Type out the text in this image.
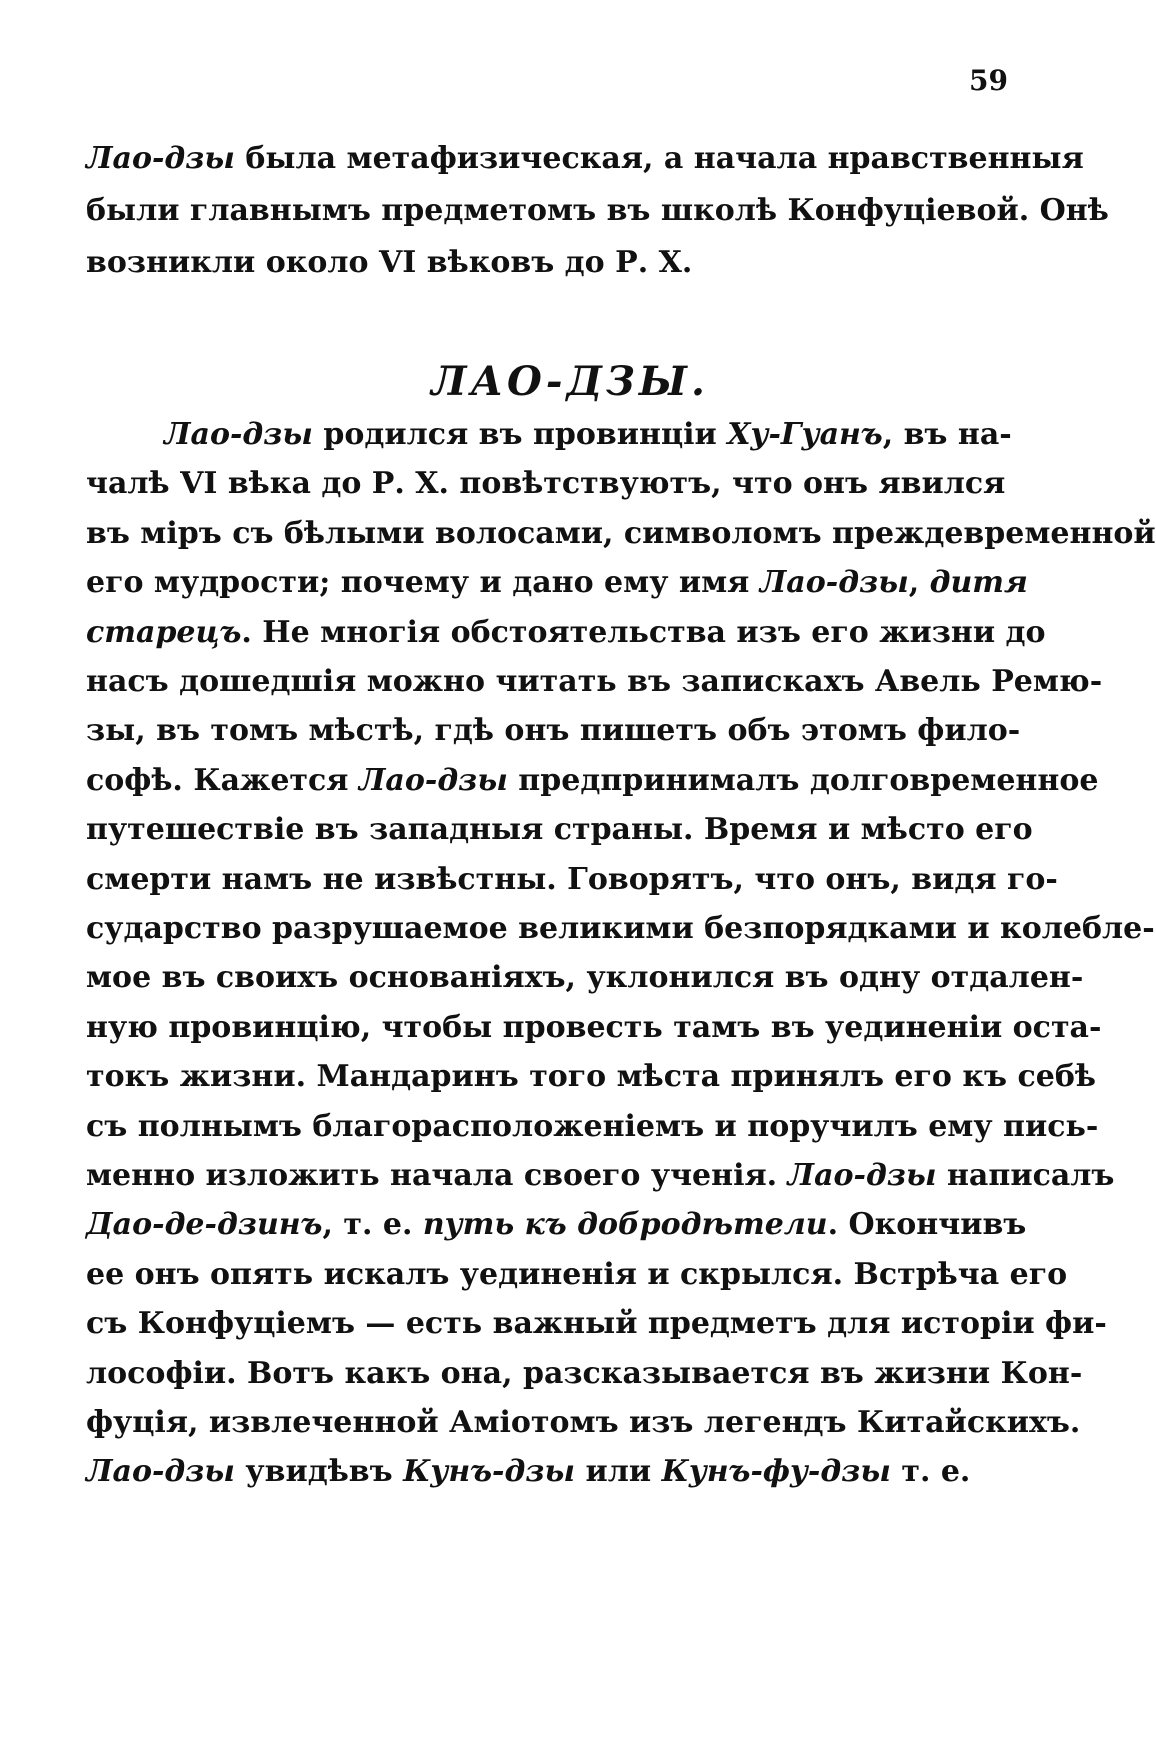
59
Лао-дзы была метафизическая, а начала нравственныя
были главнымъ предметомъ въ школѣ Конфуціевой. Онѣ
возникли около VI вѣковъ до Р. Х.
ЛАО-ДЗЫ.
Лао-дзы родился въ провинціи Ху-Гуанъ, въ на-
чалѣ VI вѣка до Р. Х. повѣтствуютъ, что онъ явился
въ міръ съ бѣлыми волосами, символомъ преждевременной
его мудрости; почему и дано ему имя Лао-дзы, дитя
старецъ. Не многія обстоятельства изъ его жизни до
насъ дошедшія можно читать въ запискахъ Авель Ремю-
зы, въ томъ мѣстѣ, гдѣ онъ пишетъ объ этомъ фило-
софѣ. Кажется Лао-дзы предпринималъ долговременное
путешествіе въ западныя страны. Время и мѣсто его
смерти намъ не извѣстны. Говорятъ, что онъ, видя го-
сударство разрушаемое великими безпорядками и колебле-
мое въ своихъ основаніяхъ, уклонился въ одну отдален-
ную провинцію, чтобы провесть тамъ въ уединеніи оста-
токъ жизни. Мандаринъ того мѣста принялъ его къ себѣ
съ полнымъ благорасположеніемъ и поручилъ ему пись-
менно изложить начала своего ученія. Лао-дзы написалъ
Дао-де-дзинъ, т. е. путь къ добродѣтели. Окончивъ
ее онъ опять искалъ уединенія и скрылся. Встрѣча его
съ Конфуціемъ — есть важный предметъ для исторіи фи-
лософіи. Вотъ какъ она, разсказывается въ жизни Кон-
фуція, извлеченной Аміотомъ изъ легендъ Китайскихъ.
Лао-дзы увидѣвъ Кунъ-дзы или Кунъ-фу-дзы т. е.
